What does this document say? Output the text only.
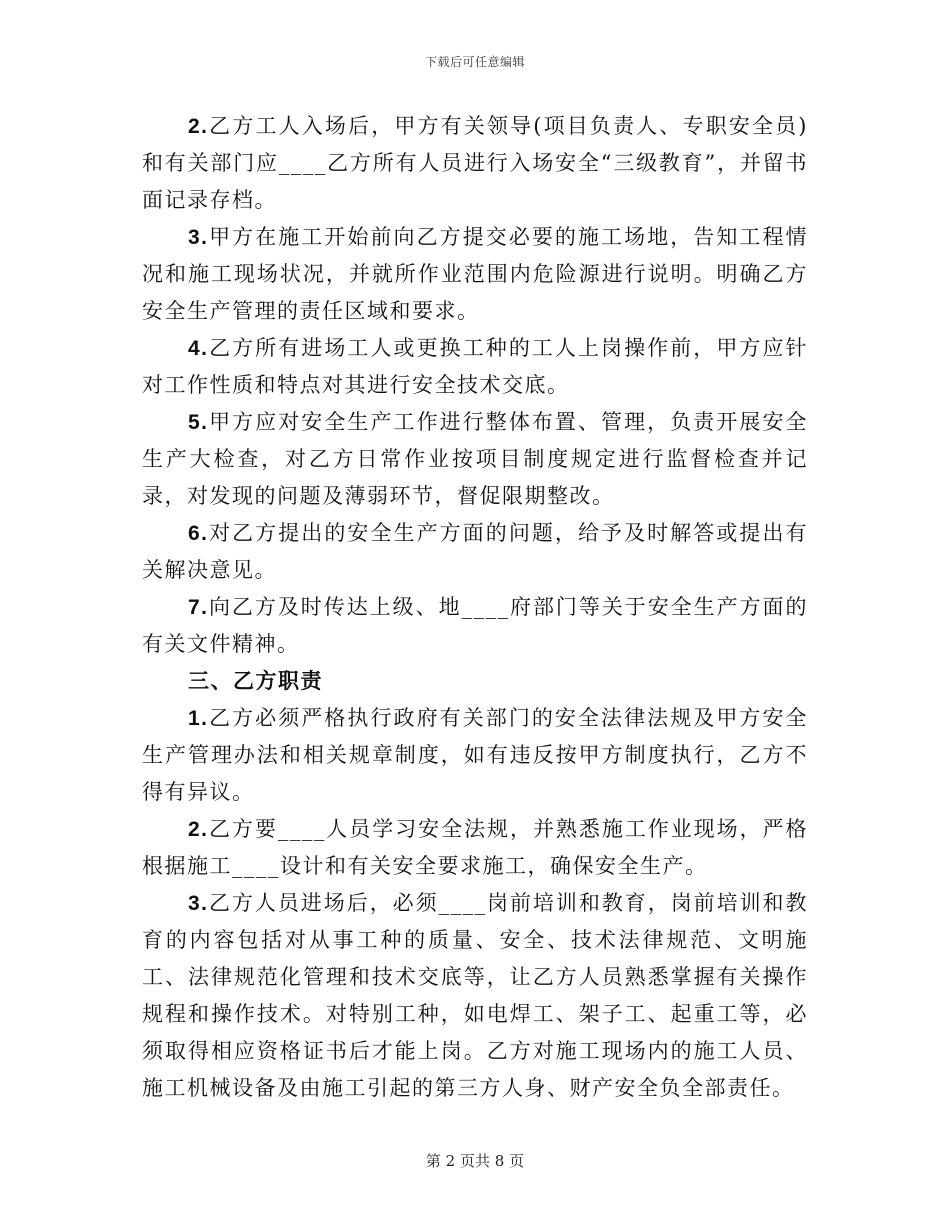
下载后可任意编辑

2.乙方工人入场后，甲方有关领导(项目负责人、专职安全员)和有关部门应____乙方所有人员进行入场安全“三级教育”，并留书面记录存档。

3.甲方在施工开始前向乙方提交必要的施工场地，告知工程情况和施工现场状况，并就所作业范围内危险源进行说明。明确乙方安全生产管理的责任区域和要求。

4.乙方所有进场工人或更换工种的工人上岗操作前，甲方应针对工作性质和特点对其进行安全技术交底。

5.甲方应对安全生产工作进行整体布置、管理，负责开展安全生产大检查，对乙方日常作业按项目制度规定进行监督检查并记录，对发现的问题及薄弱环节，督促限期整改。

6.对乙方提出的安全生产方面的问题，给予及时解答或提出有关解决意见。

7.向乙方及时传达上级、地____府部门等关于安全生产方面的有关文件精神。

三、乙方职责

1.乙方必须严格执行政府有关部门的安全法律法规及甲方安全生产管理办法和相关规章制度，如有违反按甲方制度执行，乙方不得有异议。

2.乙方要____人员学习安全法规，并熟悉施工作业现场，严格根据施工____设计和有关安全要求施工，确保安全生产。

3.乙方人员进场后，必须____岗前培训和教育，岗前培训和教育的内容包括对从事工种的质量、安全、技术法律规范、文明施工、法律规范化管理和技术交底等，让乙方人员熟悉掌握有关操作规程和操作技术。对特别工种，如电焊工、架子工、起重工等，必须取得相应资格证书后才能上岗。乙方对施工现场内的施工人员、施工机械设备及由施工引起的第三方人身、财产安全负全部责任。

第 2 页共 8 页
